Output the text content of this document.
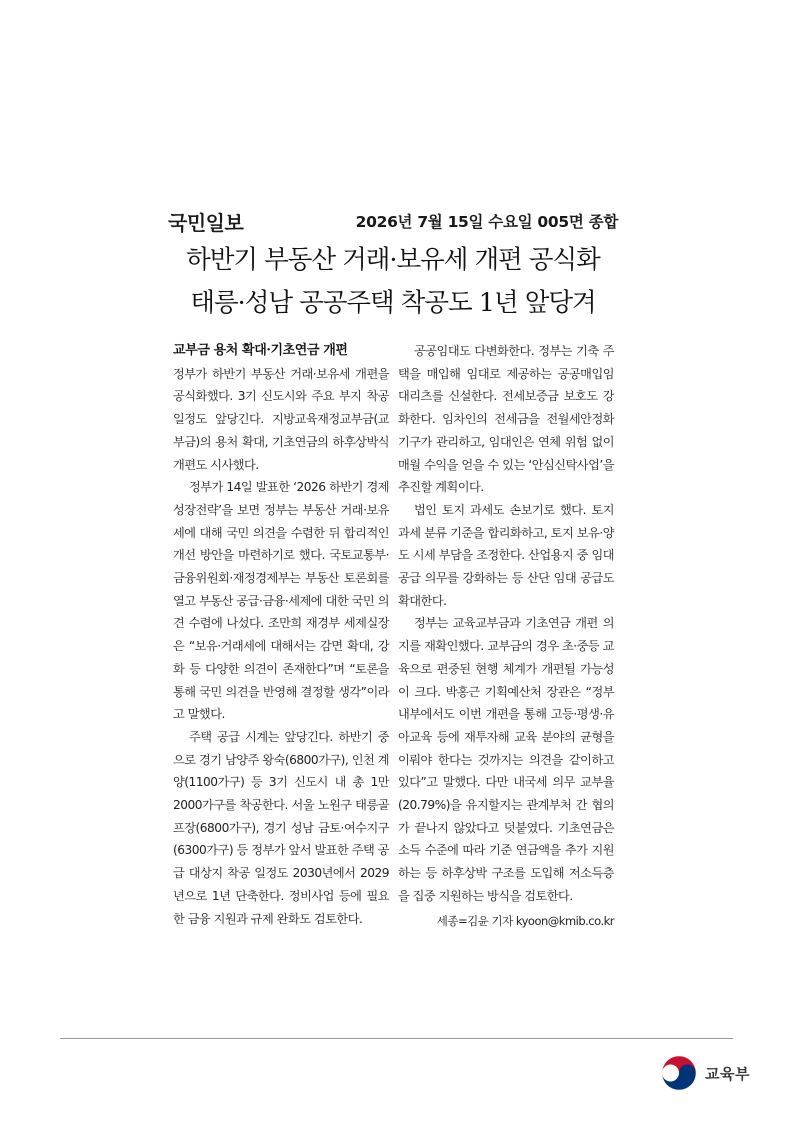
국민일보	2026년 7월 15일 수요일 005면 종합
하반기 부동산 거래·보유세 개편 공식화
태릉·성남 공공주택 착공도 1년 앞당겨

교부금 용처 확대·기초연금 개편

정부가 하반기 부동산 거래·보유세 개편을 공식화했다. 3기 신도시와 주요 부지 착공 일정도 앞당긴다. 지방교육재정교부금(교부금)의 용처 확대, 기초연금의 하후상박식 개편도 시사했다.

정부가 14일 발표한 ‘2026 하반기 경제성장전략’을 보면 정부는 부동산 거래·보유세에 대해 국민 의견을 수렴한 뒤 합리적인 개선 방안을 마련하기로 했다. 국토교통부·금융위원회·재정경제부는 부동산 토론회를 열고 부동산 공급·금융·세제에 대한 국민 의견 수렴에 나섰다. 조만희 재경부 세제실장은 “보유·거래세에 대해서는 감면 확대, 강화 등 다양한 의견이 존재한다”며 “토론을 통해 국민 의견을 반영해 결정할 생각”이라고 말했다.

주택 공급 시계는 앞당긴다. 하반기 중으로 경기 남양주 왕숙(6800가구), 인천 계양(1100가구) 등 3기 신도시 내 총 1만 2000가구를 착공한다. 서울 노원구 태릉골프장(6800가구), 경기 성남 금토·여수지구(6300가구) 등 정부가 앞서 발표한 주택 공급 대상지 착공 일정도 2030년에서 2029년으로 1년 단축한다. 정비사업 등에 필요한 금융 지원과 규제 완화도 검토한다.

공공임대도 다변화한다. 정부는 기축 주택을 매입해 임대로 제공하는 공공매입임대리츠를 신설한다. 전세보증금 보호도 강화한다. 임차인의 전세금을 전월세안정화기구가 관리하고, 임대인은 연체 위험 없이 매월 수익을 얻을 수 있는 ‘안심신탁사업’을 추진할 계획이다.

법인 토지 과세도 손보기로 했다. 토지 과세 분류 기준을 합리화하고, 토지 보유·양도 시세 부담을 조정한다. 산업용지 중 임대공급 의무를 강화하는 등 산단 임대 공급도 확대한다.

정부는 교육교부금과 기초연금 개편 의지를 재확인했다. 교부금의 경우 초·중등 교육으로 편중된 현행 체계가 개편될 가능성이 크다. 박홍근 기획예산처 장관은 “정부 내부에서도 이번 개편을 통해 고등·평생·유아교육 등에 재투자해 교육 분야의 균형을 이뤄야 한다는 것까지는 의견을 같이하고 있다”고 말했다. 다만 내국세 의무 교부율(20.79%)을 유지할지는 관계부처 간 협의가 끝나지 않았다고 덧붙였다. 기초연금은 소득 수준에 따라 기준 연금액을 추가 지원하는 등 하후상박 구조를 도입해 저소득층을 집중 지원하는 방식을 검토한다.

세종=김윤 기자 kyoon@kmib.co.kr

교육부
